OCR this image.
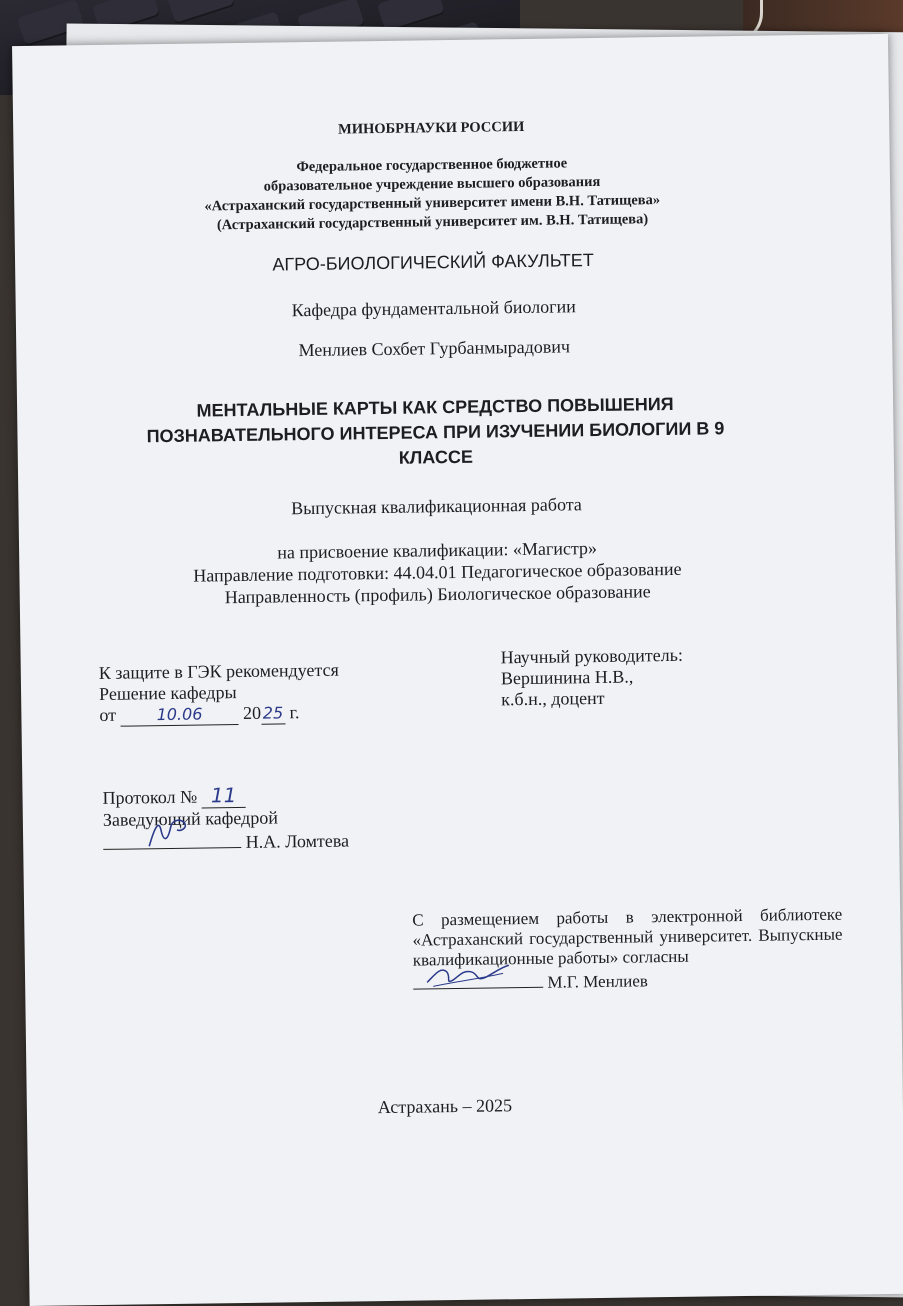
МИНОБРНАУКИ РОССИИ
Федеральное государственное бюджетное
образовательное учреждение высшего образования
«Астраханский государственный университет имени В.Н. Татищева»
(Астраханский государственный университет им. В.Н. Татищева)
АГРО-БИОЛОГИЧЕСКИЙ ФАКУЛЬТЕТ
Кафедра фундаментальной биологии
Менлиев Сохбет Гурбанмырадович
МЕНТАЛЬНЫЕ КАРТЫ КАК СРЕДСТВО ПОВЫШЕНИЯ
ПОЗНАВАТЕЛЬНОГО ИНТЕРЕСА ПРИ ИЗУЧЕНИИ БИОЛОГИИ В 9
КЛАССЕ
Выпускная квалификационная работа
на присвоение квалификации: «Магистр»
Направление подготовки: 44.04.01 Педагогическое образование
Направленность (профиль) Биологическое образование
К защите в ГЭК рекомендуется
Решение кафедры
от	10.06 2025 г.
Научный руководитель:
Вершинина Н.В.,
к.б.н., доцент
Протокол № 11
Заведующий кафедрой
Н.А. Ломтева
С размещением работы в электронной библиотеке «Астраханский государственный университет. Выпускные квалификационные работы» согласны
М.Г. Менлиев
Астрахань – 2025
